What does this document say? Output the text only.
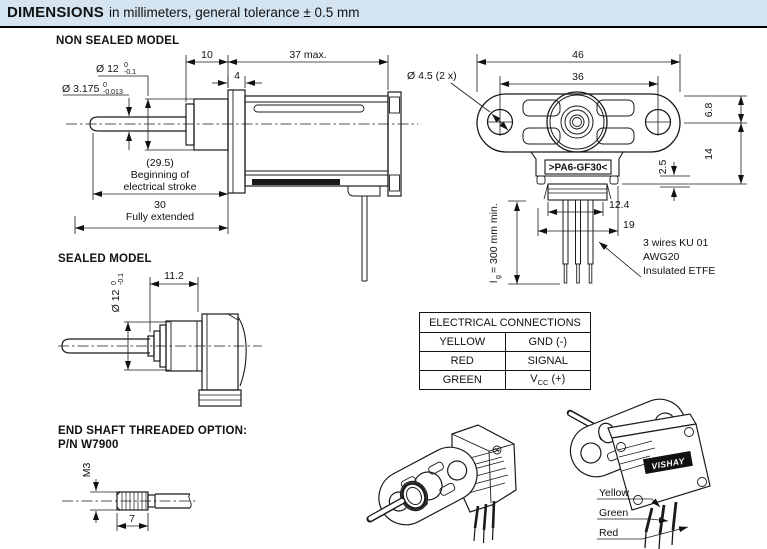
DIMENSIONS in millimeters, general tolerance ± 0.5 mm
10	37 max.
4
Ø 12 0
-0.1
Ø 3.175 0
-0.013
(29.5)
Beginning of
electrical stroke
30
Fully extended
46
36
Ø 4.5 (2 x)
6.8
14
2.5
12.4
19
l
g
= 300 mm min.
>PA6-GF30<
3 wires KU 01
AWG20
Insulated ETFE
11.2
Ø 12
0 -0.1
M3
7
VISHAY
Yellow
Green
Red
NON SEALED MODEL
SEALED MODEL
END SHAFT THREADED OPTION:
P/N W7900
ELECTRICAL CONNECTIONS	
YELLOW	GND (-)
RED	SIGNAL
GREEN	$V_{CC}$ (+)
